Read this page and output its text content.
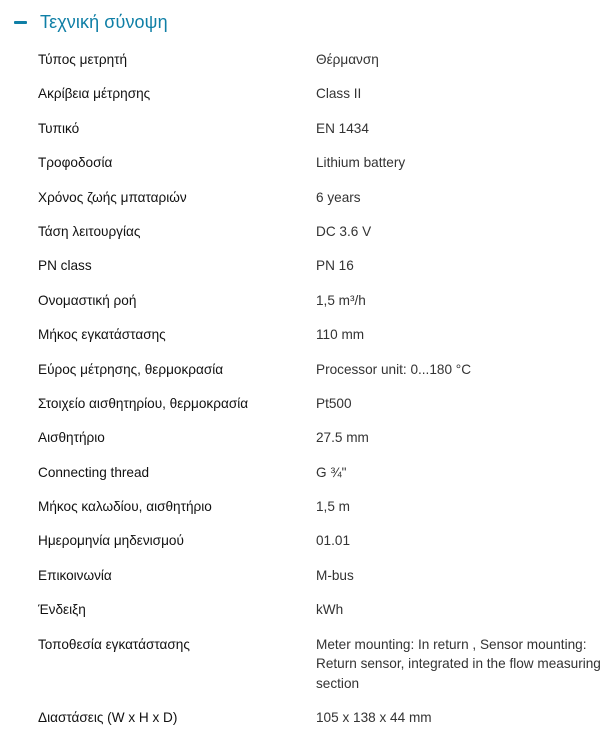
Τεχνική σύνοψη
Τύπος μετρητή	Θέρμανση
Ακρίβεια μέτρησης	Class II
Τυπικό	EN 1434
Τροφοδοσία	Lithium battery
Χρόνος ζωής μπαταριών	6 years
Τάση λειτουργίας	DC 3.6 V
PN class	PN 16
Ονομαστική ροή	1,5 m³/h
Μήκος εγκατάστασης	110 mm
Εύρος μέτρησης, θερμοκρασία	Processor unit: 0...180 °C
Στοιχείο αισθητηρίου, θερμοκρασία	Pt500
Αισθητήριο	27.5 mm
Connecting thread	G ¾"
Μήκος καλωδίου, αισθητήριο	1,5 m
Ημερομηνία μηδενισμού	01.01
Επικοινωνία	M-bus
Ένδειξη	kWh
Τοποθεσία εγκατάστασης	Meter mounting: In return , Sensor mounting: Return sensor, integrated in the flow measuring section
Διαστάσεις (W x H x D)	105 x 138 x 44 mm
